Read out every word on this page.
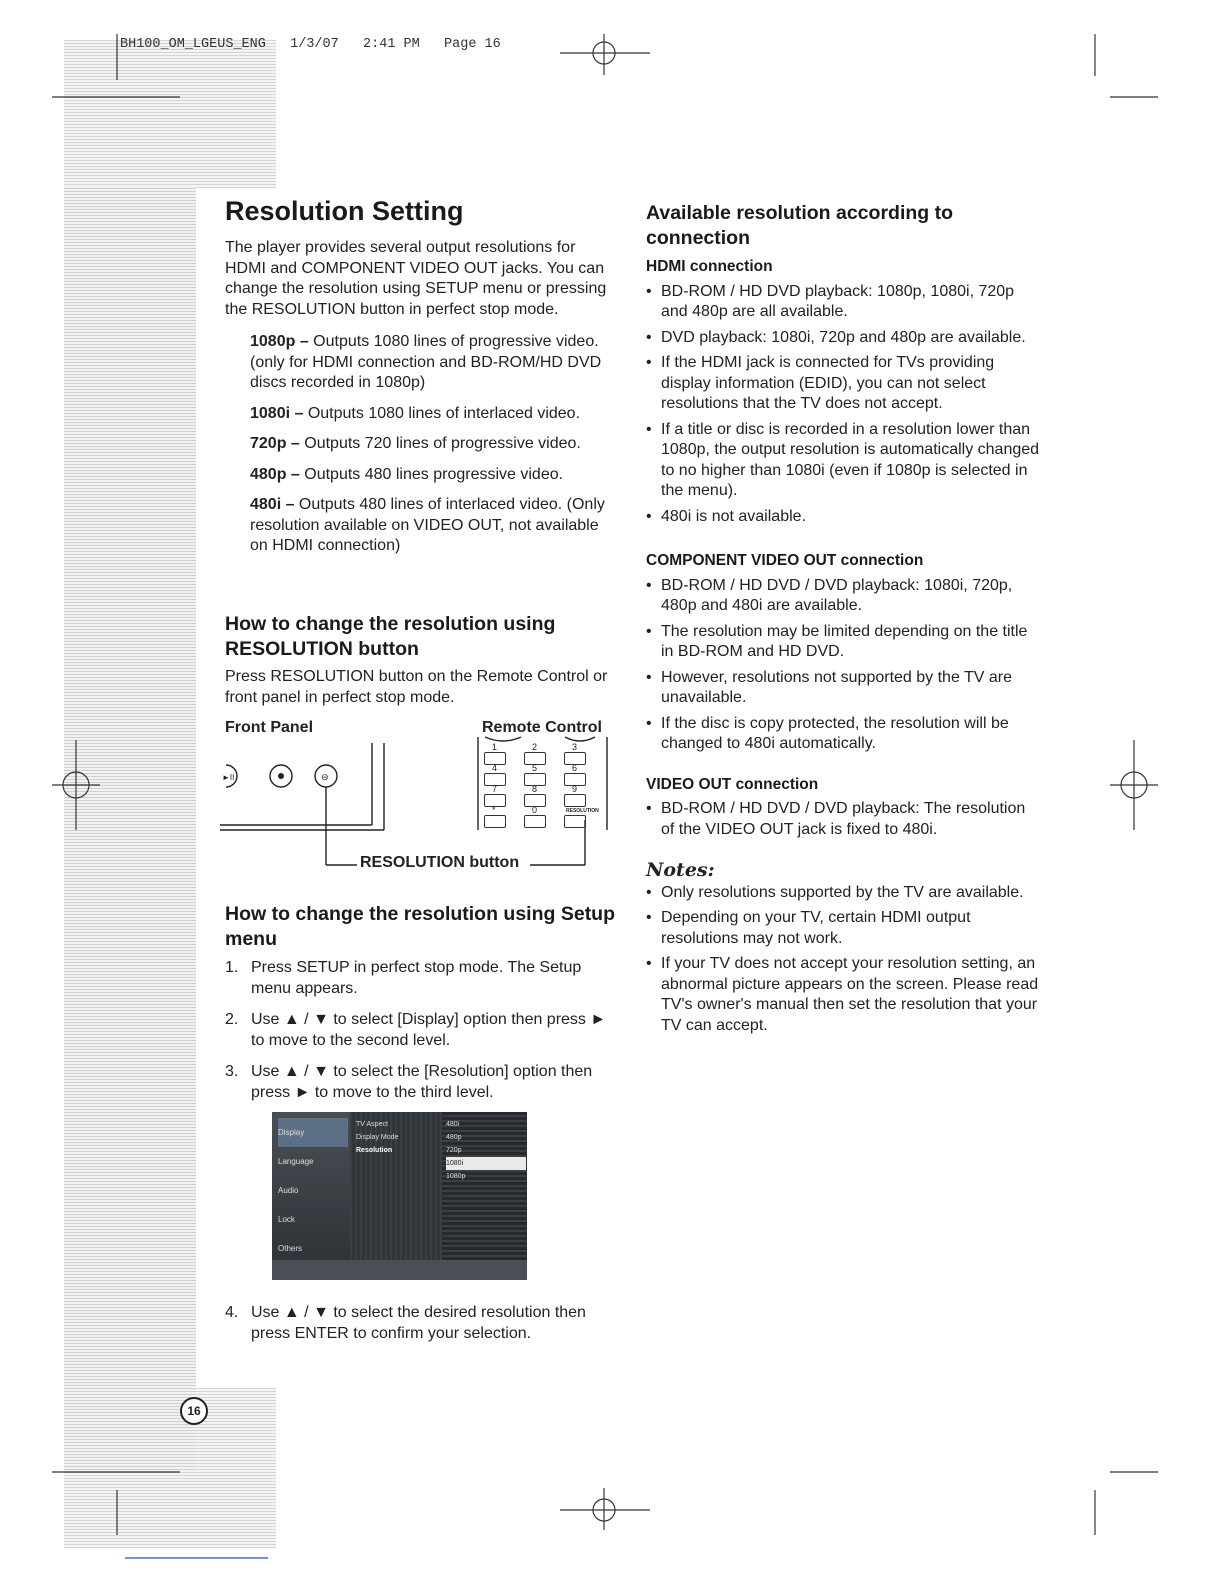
BH100_OM_LGEUS_ENG   1/3/07   2:41 PM   Page 16
Resolution Setting

The player provides several output resolutions for HDMI and COMPONENT VIDEO OUT jacks. You can change the resolution using SETUP menu or pressing the RESOLUTION button in perfect stop mode.

1080p – Outputs 1080 lines of progressive video. (only for HDMI connection and BD-ROM/HD DVD discs recorded in 1080p)
1080i – Outputs 1080 lines of interlaced video.
720p – Outputs 720 lines of progressive video.
480p – Outputs 480 lines progressive video.
480i – Outputs 480 lines of interlaced video. (Only resolution available on VIDEO OUT, not available on HDMI connection)
How to change the resolution using RESOLUTION button

Press RESOLUTION button on the Remote Control or front panel in perfect stop mode.

Front Panel	Remote Control
►II	⊖
1	2	3
4	5	6
7	8	9
*	0	RESOLUTION
RESOLUTION button
How to change the resolution using Setup menu
1. Press SETUP in perfect stop mode. The Setup menu appears.
2. Use ▲ / ▼ to select [Display] option then press ► to move to the second level.
3. Use ▲ / ▼ to select the [Resolution] option then press ► to move to the third level.
4. Use ▲ / ▼ to select the desired resolution then press ENTER to confirm your selection.
Display
Language
Audio
Lock
Others
TV Aspect
Display Mode
Resolution
480i
480p
720p
1080i
1080p
Available resolution according to connection
HDMI connection
• BD-ROM / HD DVD playback: 1080p, 1080i, 720p and 480p are all available.
• DVD playback: 1080i, 720p and 480p are available.
• If the HDMI jack is connected for TVs providing display information (EDID), you can not select resolutions that the TV does not accept.
• If a title or disc is recorded in a resolution lower than 1080p, the output resolution is automatically changed to no higher than 1080i (even if 1080p is selected in the menu).
• 480i is not available.
COMPONENT VIDEO OUT connection
• BD-ROM / HD DVD / DVD playback: 1080i, 720p, 480p and 480i are available.
• The resolution may be limited depending on the title in BD-ROM and HD DVD.
• However, resolutions not supported by the TV are unavailable.
• If the disc is copy protected, the resolution will be changed to 480i automatically.
VIDEO OUT connection
• BD-ROM / HD DVD / DVD playback: The resolution of the VIDEO OUT jack is fixed to 480i.
Notes:
• Only resolutions supported by the TV are available.
• Depending on your TV, certain HDMI output resolutions may not work.
• If your TV does not accept your resolution setting, an abnormal picture appears on the screen. Please read TV's owner's manual then set the resolution that your TV can accept.
16
